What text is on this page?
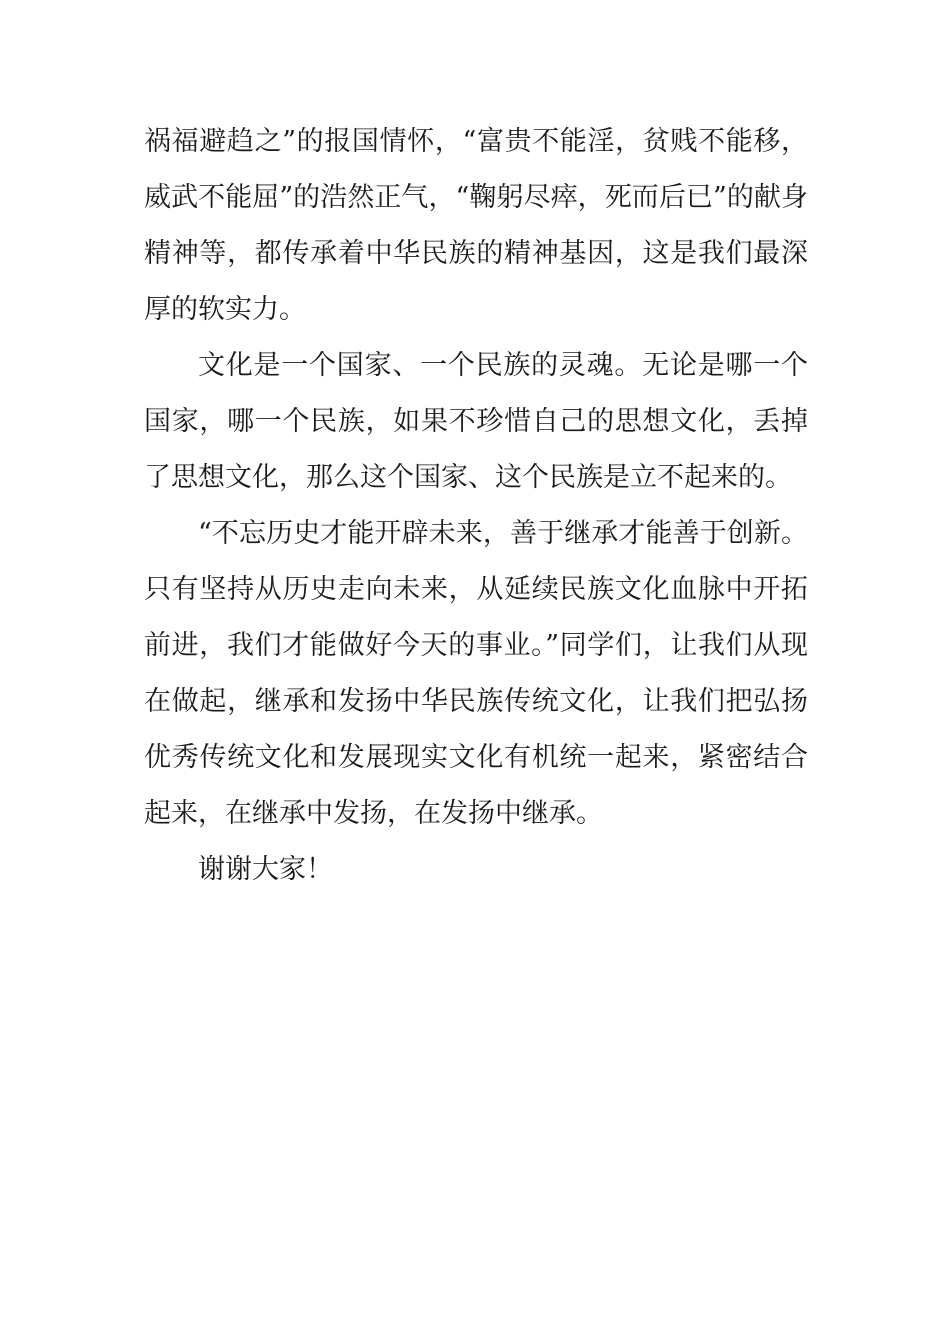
祸福避趋之”的报国情怀，“富贵不能淫，贫贱不能移，威武不能屈”的浩然正气，“鞠躬尽瘁，死而后已”的献身精神等，都传承着中华民族的精神基因，这是我们最深厚的软实力。

文化是一个国家、一个民族的灵魂。无论是哪一个国家，哪一个民族，如果不珍惜自己的思想文化，丢掉了思想文化，那么这个国家、这个民族是立不起来的。

“不忘历史才能开辟未来，善于继承才能善于创新。只有坚持从历史走向未来，从延续民族文化血脉中开拓前进，我们才能做好今天的事业。”同学们，让我们从现在做起，继承和发扬中华民族传统文化，让我们把弘扬优秀传统文化和发展现实文化有机统一起来，紧密结合起来，在继承中发扬，在发扬中继承。

谢谢大家！
